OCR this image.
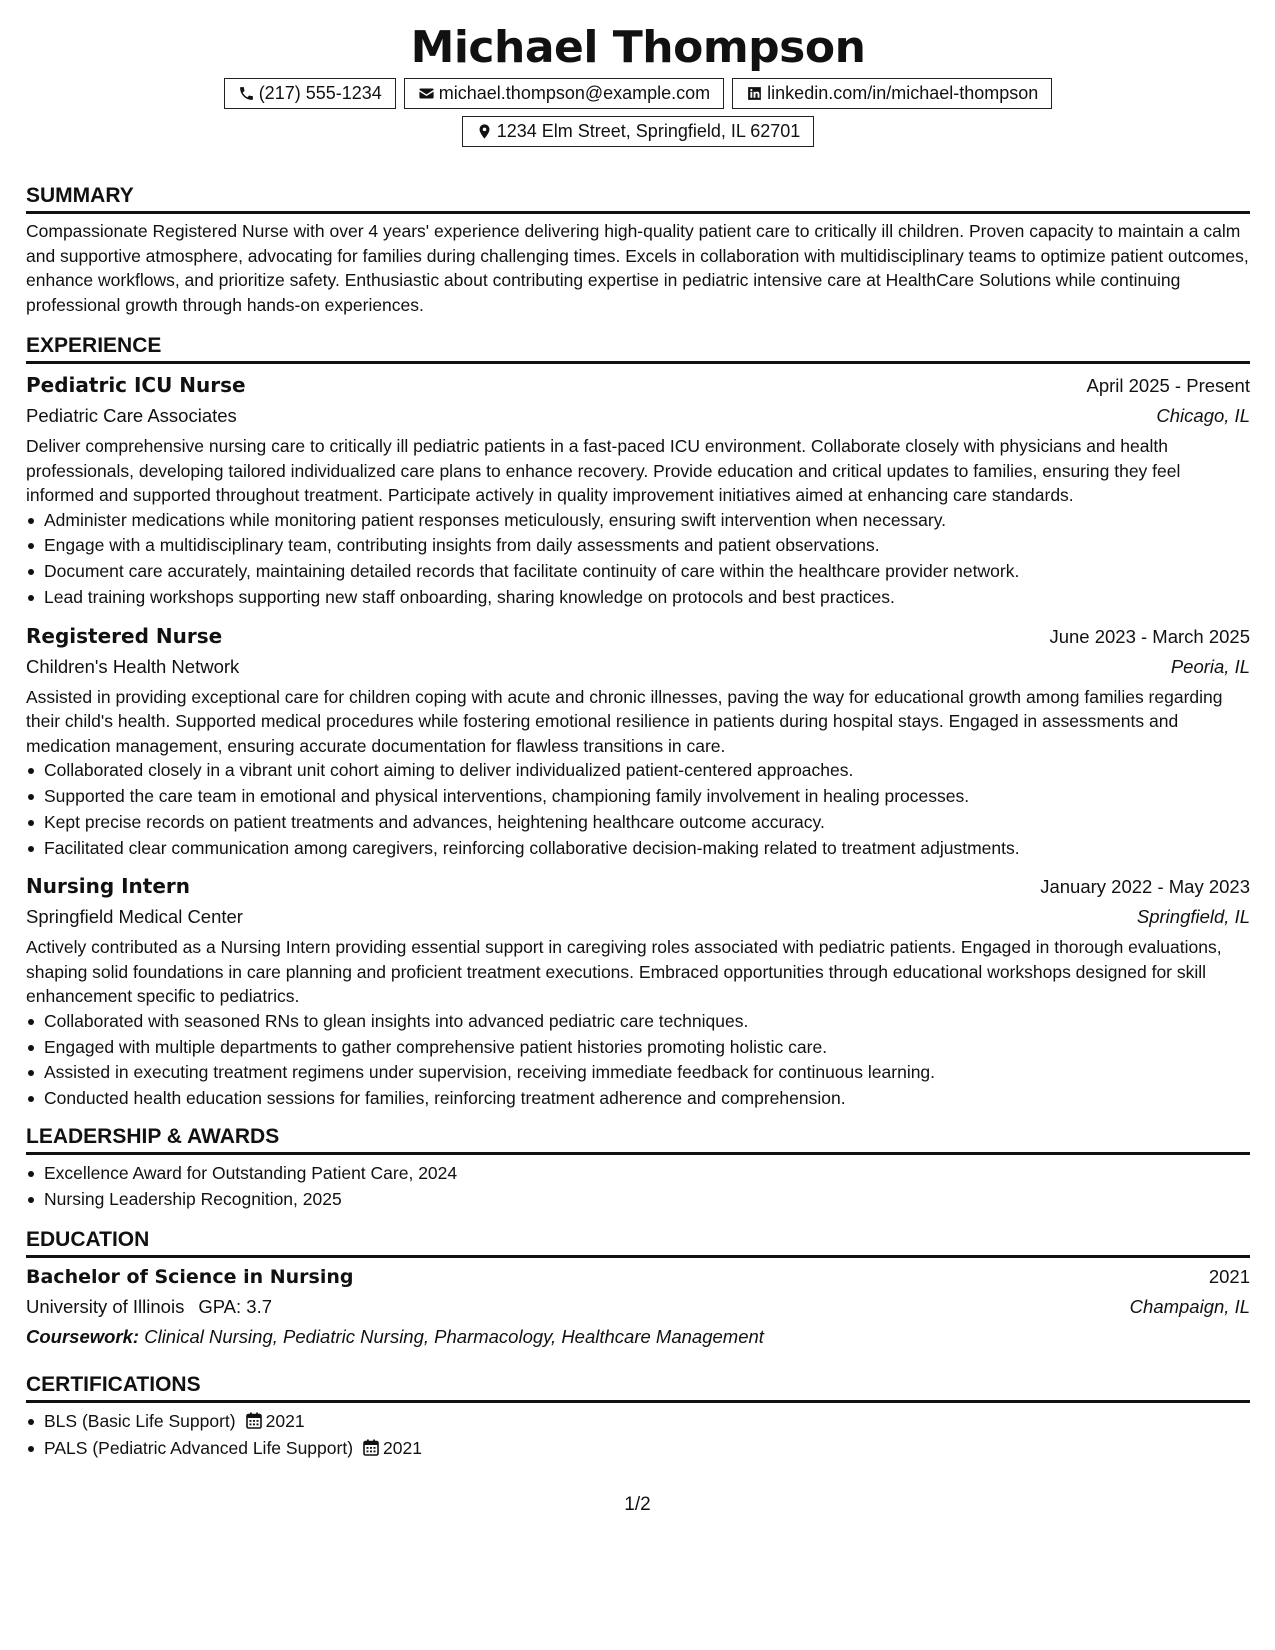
Michael Thompson
(217) 555-1234	michael.thompson@example.com	linkedin.com/in/michael-thompson
1234 Elm Street, Springfield, IL 62701
SUMMARY

Compassionate Registered Nurse with over 4 years' experience delivering high-quality patient care to critically ill children. Proven capacity to maintain a calm and supportive atmosphere, advocating for families during challenging times. Excels in collaboration with multidisciplinary teams to optimize patient outcomes, enhance workflows, and prioritize safety. Enthusiastic about contributing expertise in pediatric intensive care at HealthCare Solutions while continuing professional growth through hands-on experiences.

EXPERIENCE
Pediatric ICU Nurse	April 2025 - Present
Pediatric Care Associates	Chicago, IL

Deliver comprehensive nursing care to critically ill pediatric patients in a fast-paced ICU environment. Collaborate closely with physicians and health professionals, developing tailored individualized care plans to enhance recovery. Provide education and critical updates to families, ensuring they feel informed and supported throughout treatment. Participate actively in quality improvement initiatives aimed at enhancing care standards.

Administer medications while monitoring patient responses meticulously, ensuring swift intervention when necessary.
Engage with a multidisciplinary team, contributing insights from daily assessments and patient observations.
Document care accurately, maintaining detailed records that facilitate continuity of care within the healthcare provider network.
Lead training workshops supporting new staff onboarding, sharing knowledge on protocols and best practices.
Registered Nurse	June 2023 - March 2025
Children's Health Network	Peoria, IL

Assisted in providing exceptional care for children coping with acute and chronic illnesses, paving the way for educational growth among families regarding their child's health. Supported medical procedures while fostering emotional resilience in patients during hospital stays. Engaged in assessments and medication management, ensuring accurate documentation for flawless transitions in care.

Collaborated closely in a vibrant unit cohort aiming to deliver individualized patient-centered approaches.
Supported the care team in emotional and physical interventions, championing family involvement in healing processes.
Kept precise records on patient treatments and advances, heightening healthcare outcome accuracy.
Facilitated clear communication among caregivers, reinforcing collaborative decision-making related to treatment adjustments.
Nursing Intern	January 2022 - May 2023
Springfield Medical Center	Springfield, IL

Actively contributed as a Nursing Intern providing essential support in caregiving roles associated with pediatric patients. Engaged in thorough evaluations, shaping solid foundations in care planning and proficient treatment executions. Embraced opportunities through educational workshops designed for skill enhancement specific to pediatrics.

Collaborated with seasoned RNs to glean insights into advanced pediatric care techniques.
Engaged with multiple departments to gather comprehensive patient histories promoting holistic care.
Assisted in executing treatment regimens under supervision, receiving immediate feedback for continuous learning.
Conducted health education sessions for families, reinforcing treatment adherence and comprehension.
LEADERSHIP & AWARDS
Excellence Award for Outstanding Patient Care, 2024
Nursing Leadership Recognition, 2025
EDUCATION
Bachelor of Science in Nursing	2021
University of Illinois GPA: 3.7	Champaign, IL
Coursework: Clinical Nursing, Pediatric Nursing, Pharmacology, Healthcare Management
CERTIFICATIONS
BLS (Basic Life Support) 2021
PALS (Pediatric Advanced Life Support) 2021
1/2
